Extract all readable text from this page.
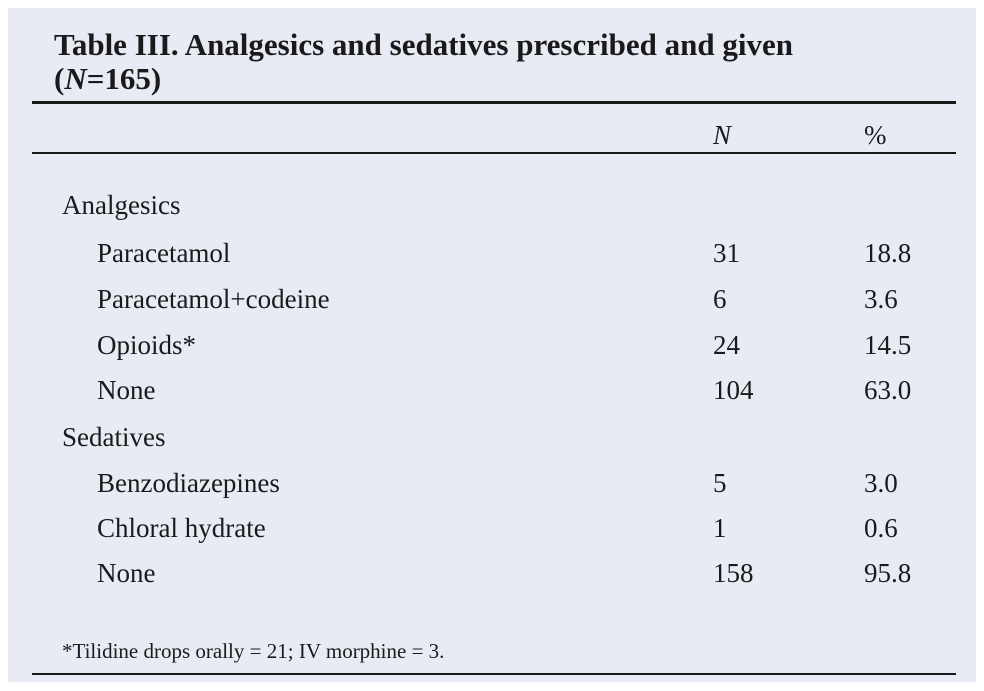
Table III. Analgesics and sedatives prescribed and given
(N=165)
N	%
Analgesics
Paracetamol	31	18.8
Paracetamol+codeine	6	3.6
Opioids*	24	14.5
None	104	63.0
Sedatives
Benzodiazepines	5	3.0
Chloral hydrate	1	0.6
None	158	95.8
*Tilidine drops orally = 21; IV morphine = 3.
